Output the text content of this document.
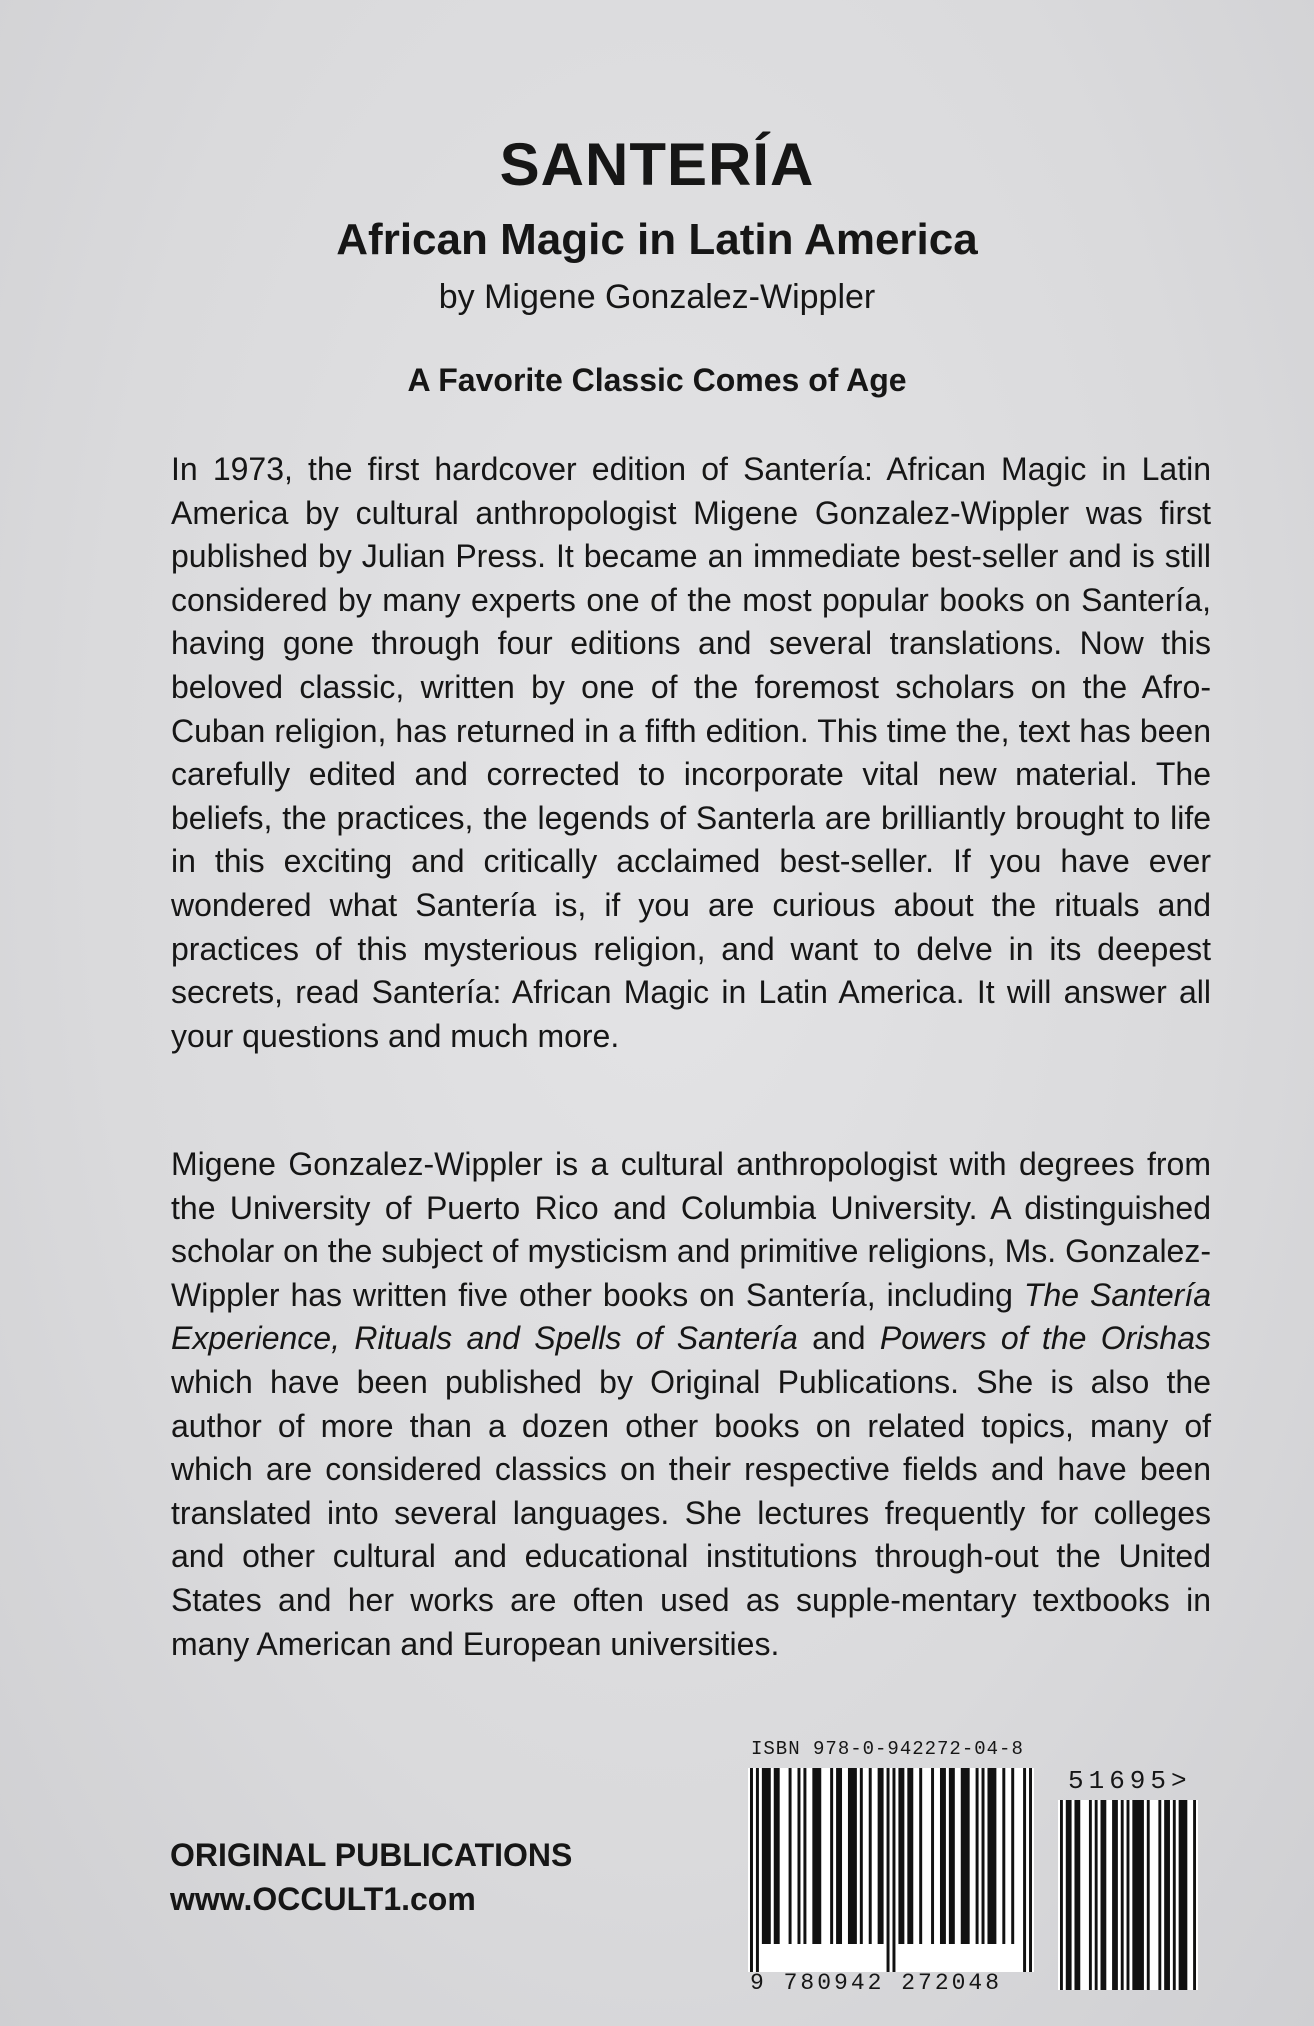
SANTERÍA
African Magic in Latin America

by Migene Gonzalez-Wippler

A Favorite Classic Comes of Age

In 1973, the first hardcover edition of Santería: African Magic in Latin America by cultural anthropologist Migene Gonzalez-Wippler was first published by Julian Press. It became an immediate best-seller and is still considered by many experts one of the most popular books on Santería, having gone through four editions and several translations. Now this beloved classic, written by one of the foremost scholars on the Afro-Cuban religion, has returned in a fifth edition. This time the, text has been carefully edited and corrected to incorporate vital new material. The beliefs, the practices, the legends of Santerla are brilliantly brought to life in this exciting and critically acclaimed best-seller. If you have ever wondered what Santería is, if you are curious about the rituals and practices of this mysterious religion, and want to delve in its deepest secrets, read Santería: African Magic in Latin America. It will answer all your questions and much more.

Migene Gonzalez-Wippler is a cultural anthropologist with degrees from the University of Puerto Rico and Columbia University. A distinguished scholar on the subject of mysticism and primitive religions, Ms. Gonzalez-Wippler has written five other books on Santería, including The Santería Experience, Rituals and Spells of Santería and Powers of the Orishas which have been published by Original Publications. She is also the author of more than a dozen other books on related topics, many of which are considered classics on their respective fields and have been translated into several languages. She lectures frequently for colleges and other cultural and educational institutions through-out the United States and her works are often used as supple-mentary textbooks in many American and European universities.

ORIGINAL PUBLICATIONS
www.OCCULT1.com
ISBN 978-0-942272-04-8
9 780942 272048
51695>
